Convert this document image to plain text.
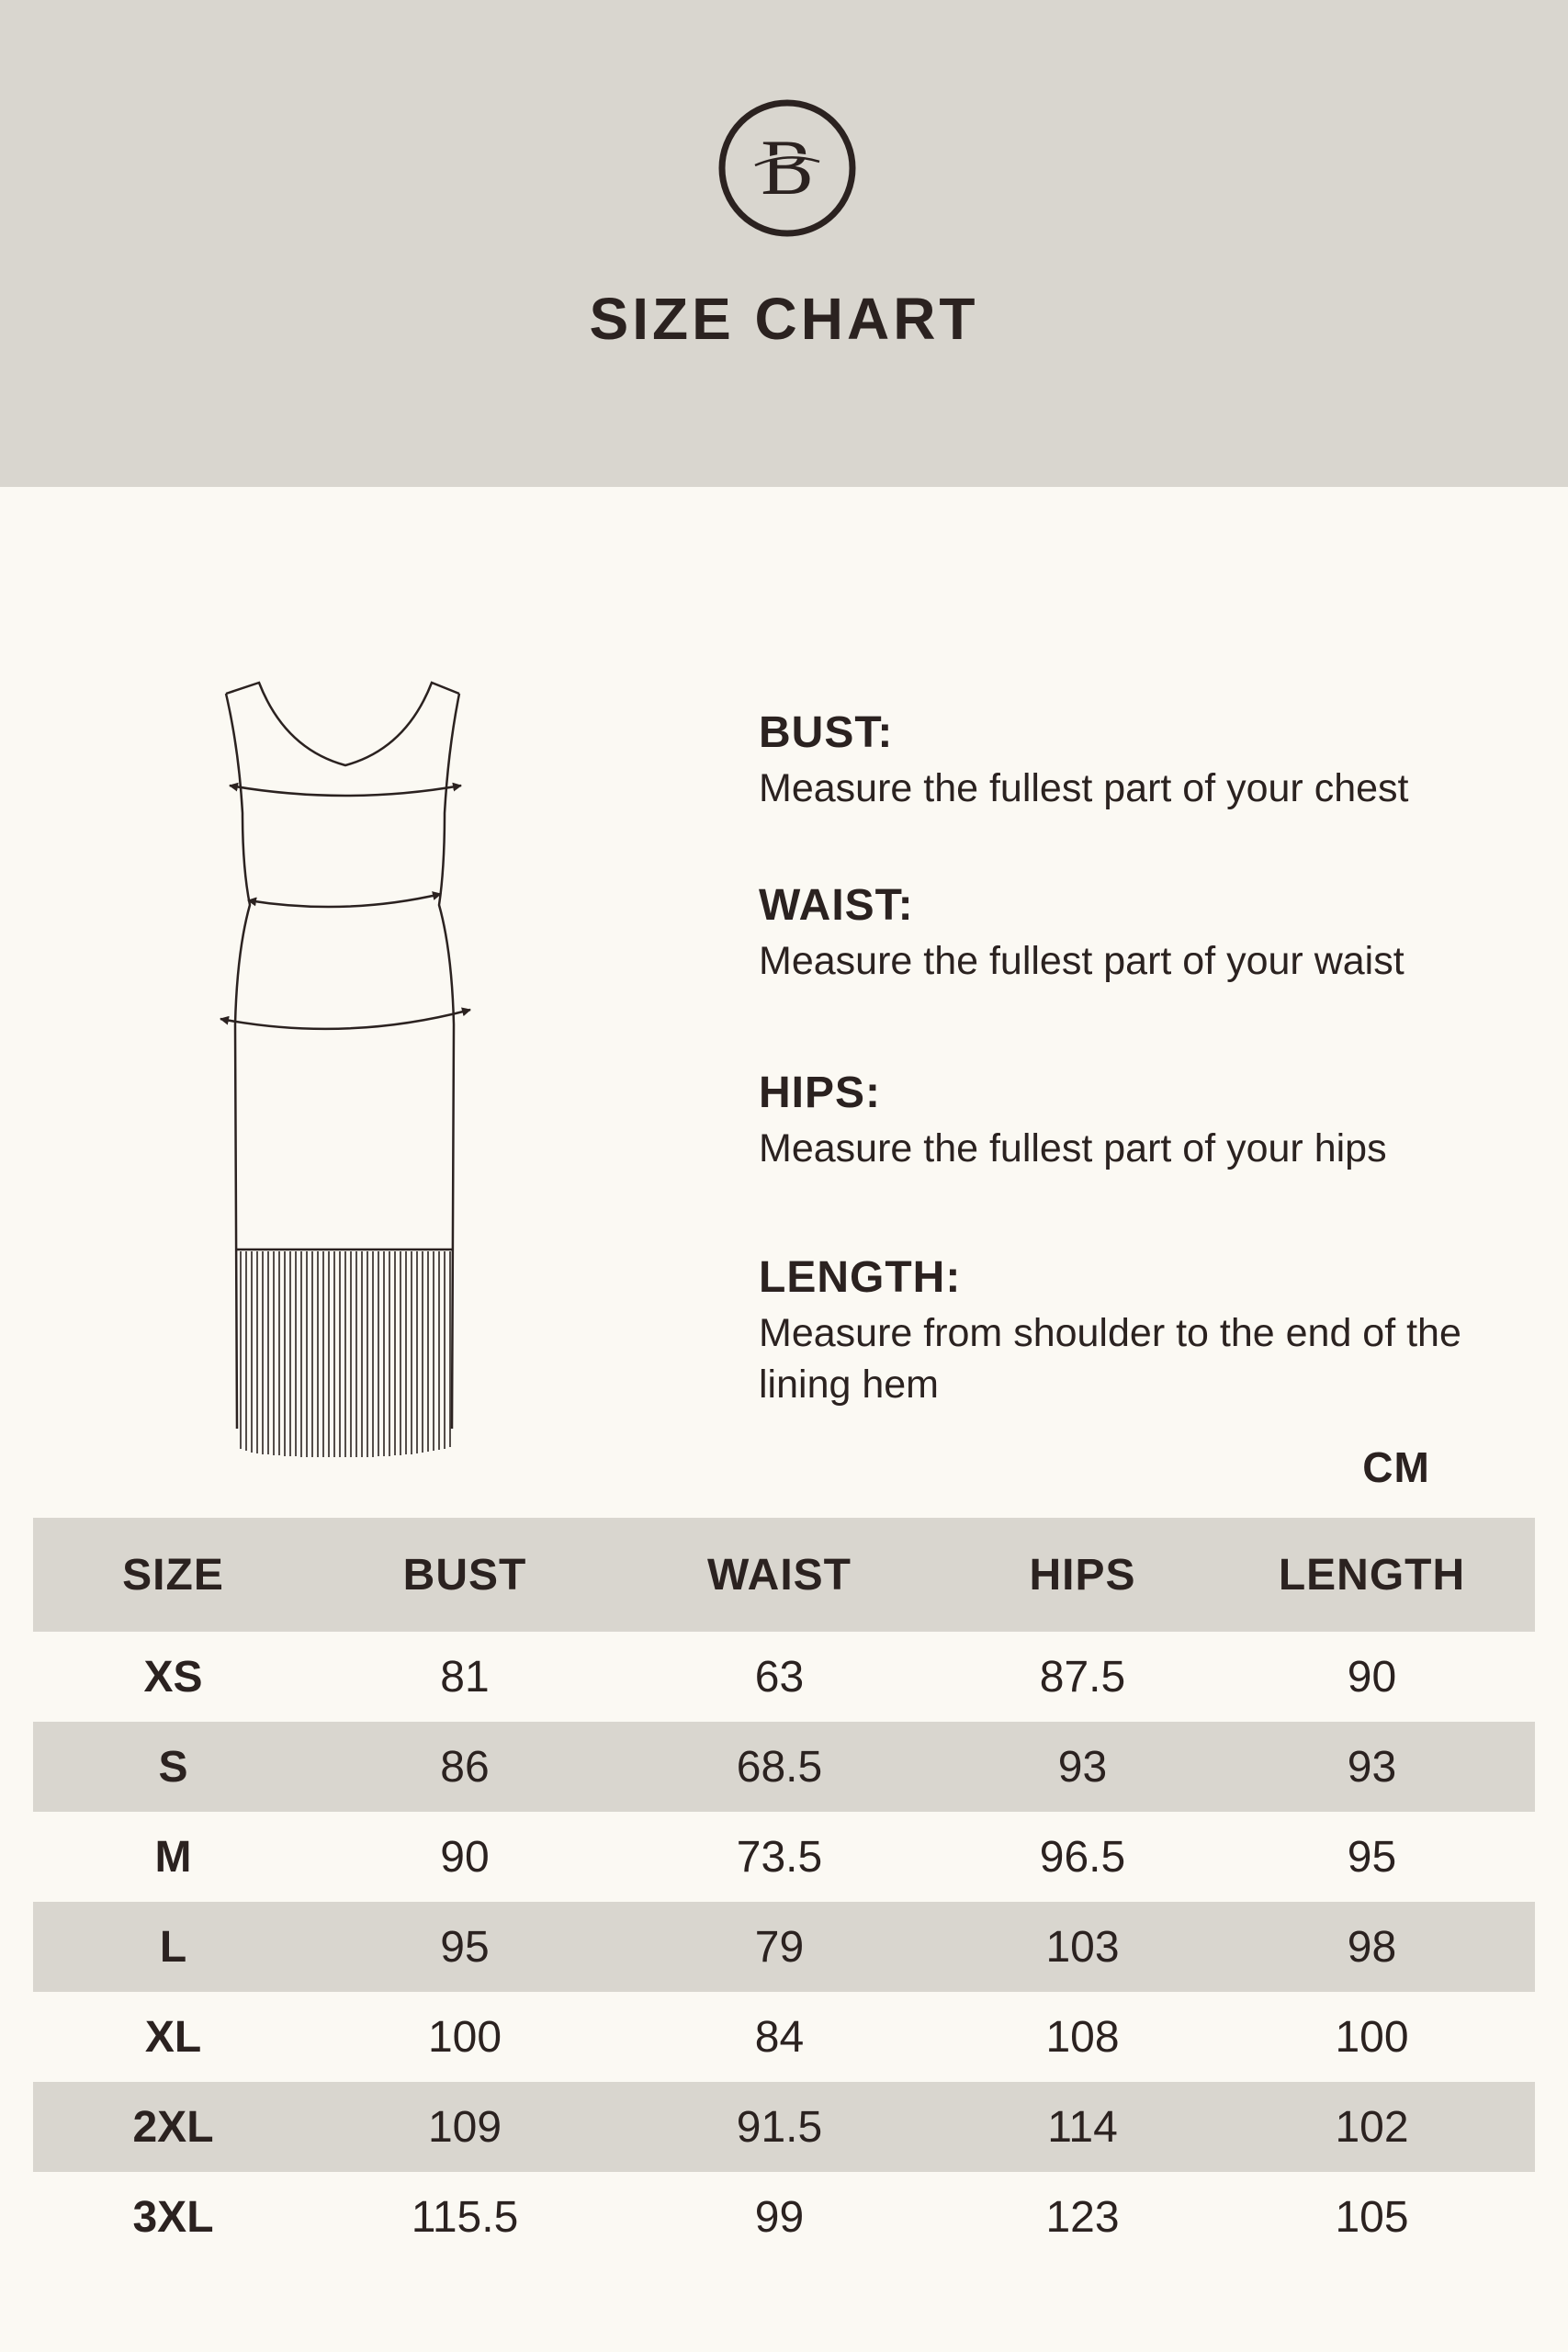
B
SIZE CHART
BUST:
Measure the fullest part of your chest
WAIST:
Measure the fullest part of your waist
HIPS:
Measure the fullest part of your hips
LENGTH:
Measure from shoulder to the end of the lining hem
CM
SIZE	BUST	WAIST	HIPS	LENGTH
XS	81	63	87.5	90
S	86	68.5	93	93
M	90	73.5	96.5	95
L	95	79	103	98
XL	100	84	108	100
2XL	109	91.5	114	102
3XL	115.5	99	123	105
